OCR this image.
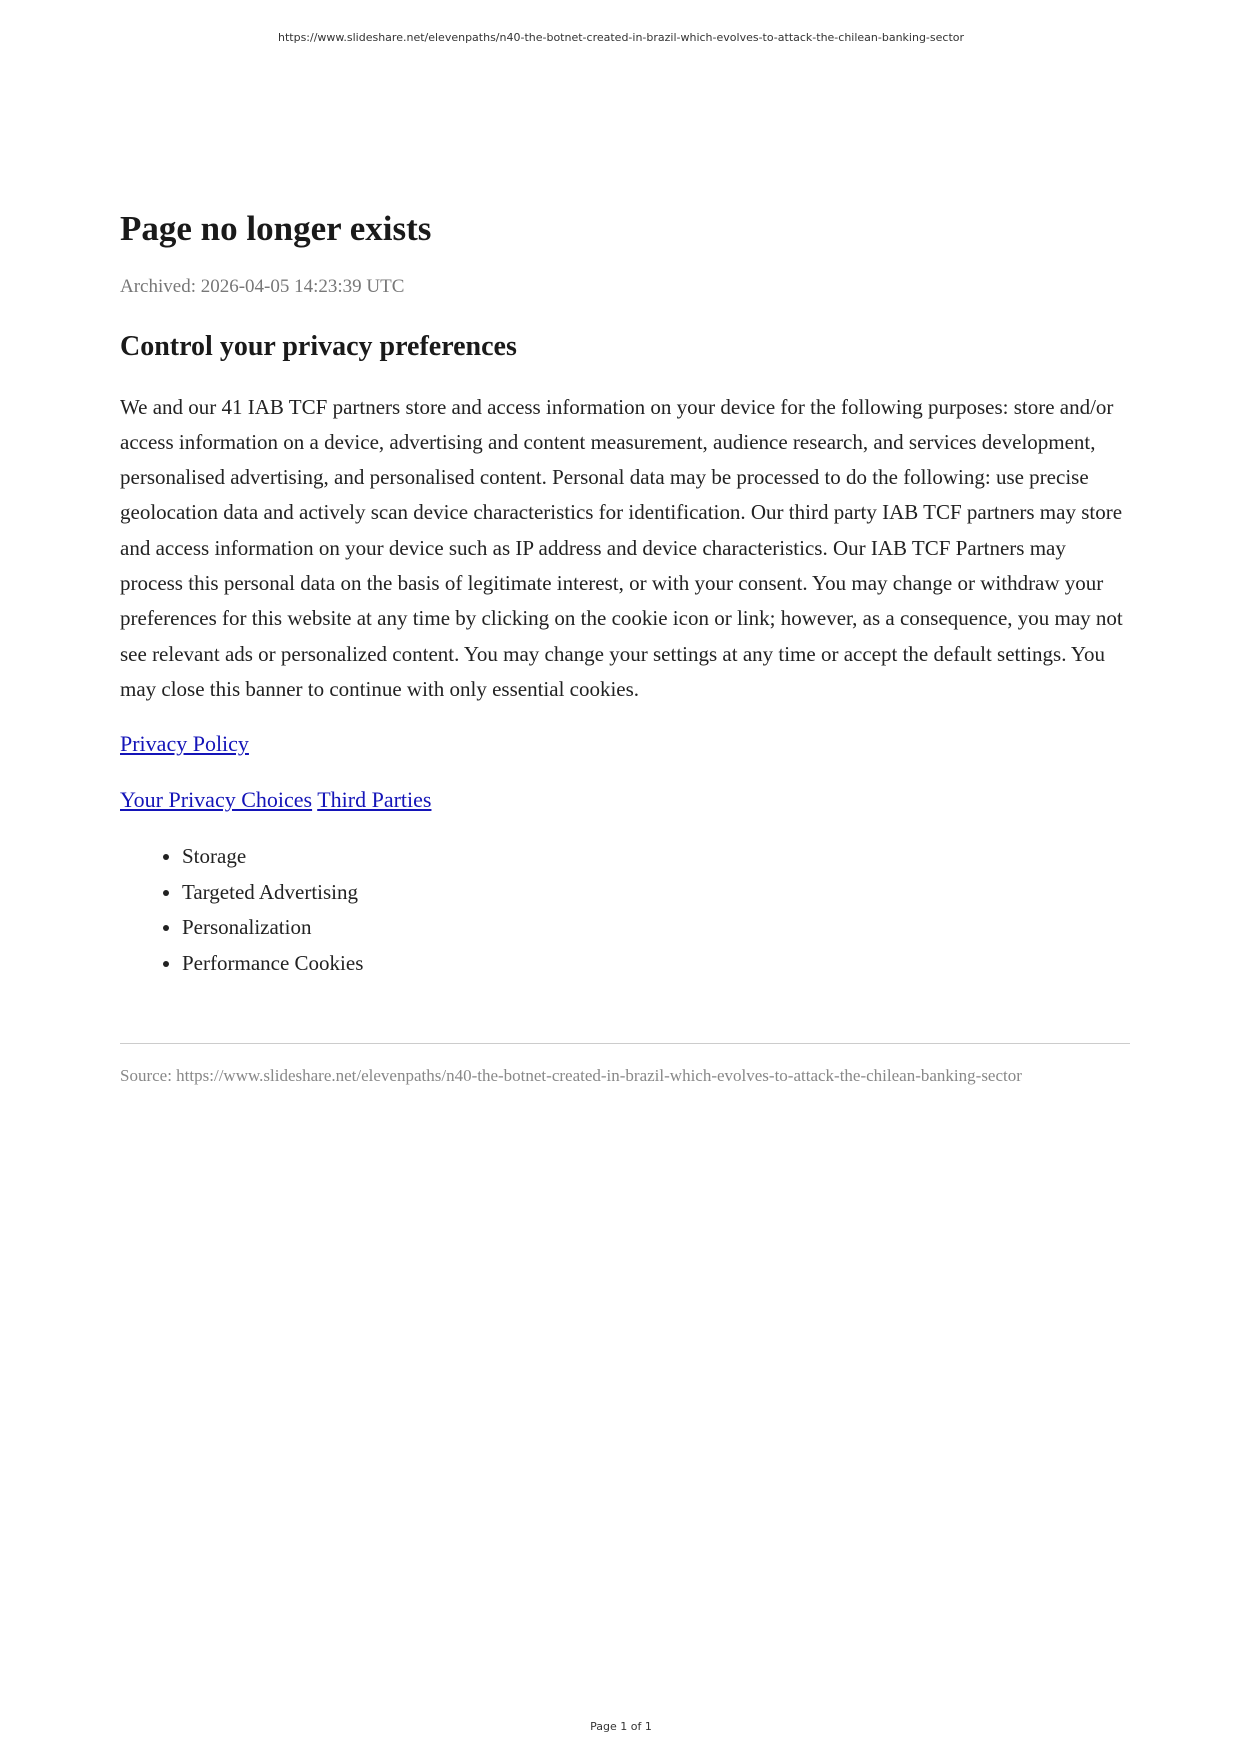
https://www.slideshare.net/elevenpaths/n40-the-botnet-created-in-brazil-which-evolves-to-attack-the-chilean-banking-sector
Page no longer exists
Archived: 2026-04-05 14:23:39 UTC
Control your privacy preferences

We and our 41 IAB TCF partners store and access information on your device for the following purposes: store and/or access information on a device, advertising and content measurement, audience research, and services development, personalised advertising, and personalised content. Personal data may be processed to do the following: use precise geolocation data and actively scan device characteristics for identification. Our third party IAB TCF partners may store and access information on your device such as IP address and device characteristics. Our IAB TCF Partners may process this personal data on the basis of legitimate interest, or with your consent. You may change or withdraw your preferences for this website at any time by clicking on the cookie icon or link; however, as a consequence, you may not see relevant ads or personalized content. You may change your settings at any time or accept the default settings. You may close this banner to continue with only essential cookies.

Privacy Policy
Your Privacy Choices Third Parties
• Storage
• Targeted Advertising
• Personalization
• Performance Cookies
Source: https://www.slideshare.net/elevenpaths/n40-the-botnet-created-in-brazil-which-evolves-to-attack-the-chilean-banking-sector
Page 1 of 1
